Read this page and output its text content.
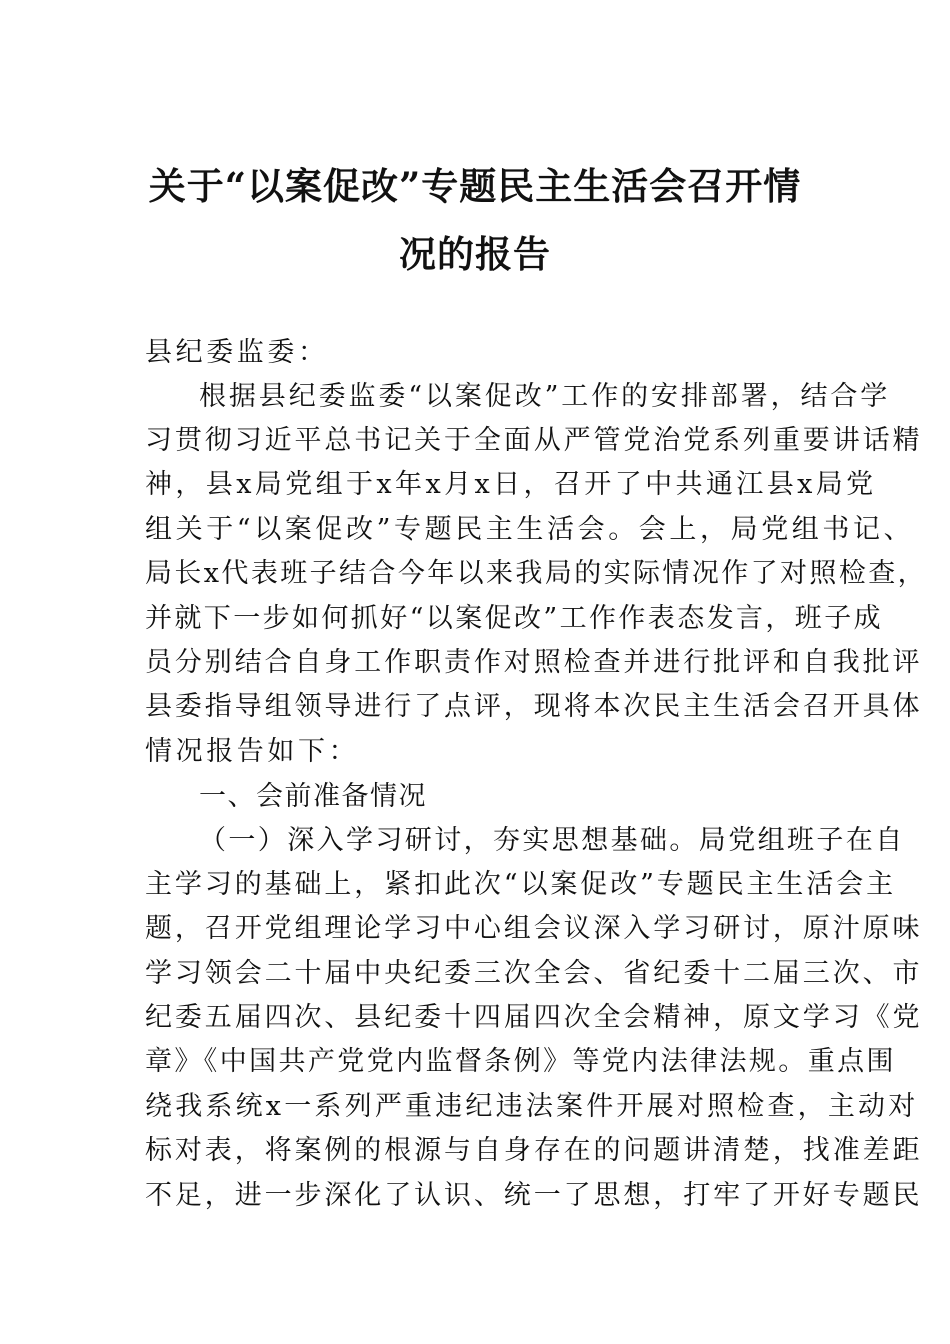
关于“以案促改”专题民主生活会召开情
况的报告
县纪委监委：
根据县纪委监委“以案促改”工作的安排部署，结合学
习贯彻习近平总书记关于全面从严管党治党系列重要讲话精
神，县x局党组于x年x月x日，召开了中共通江县x局党
组关于“以案促改”专题民主生活会。会上，局党组书记、
局长x代表班子结合今年以来我局的实际情况作了对照检查，
并就下一步如何抓好“以案促改”工作作表态发言，班子成
员分别结合自身工作职责作对照检查并进行批评和自我批评
县委指导组领导进行了点评，现将本次民主生活会召开具体
情况报告如下：
一、会前准备情况
（一）深入学习研讨，夯实思想基础。局党组班子在自
主学习的基础上，紧扣此次“以案促改”专题民主生活会主
题，召开党组理论学习中心组会议深入学习研讨，原汁原味
学习领会二十届中央纪委三次全会、省纪委十二届三次、市
纪委五届四次、县纪委十四届四次全会精神，原文学习《党
章》《中国共产党党内监督条例》等党内法律法规。重点围
绕我系统x一系列严重违纪违法案件开展对照检查，主动对
标对表，将案例的根源与自身存在的问题讲清楚，找准差距
不足，进一步深化了认识、统一了思想，打牢了开好专题民
